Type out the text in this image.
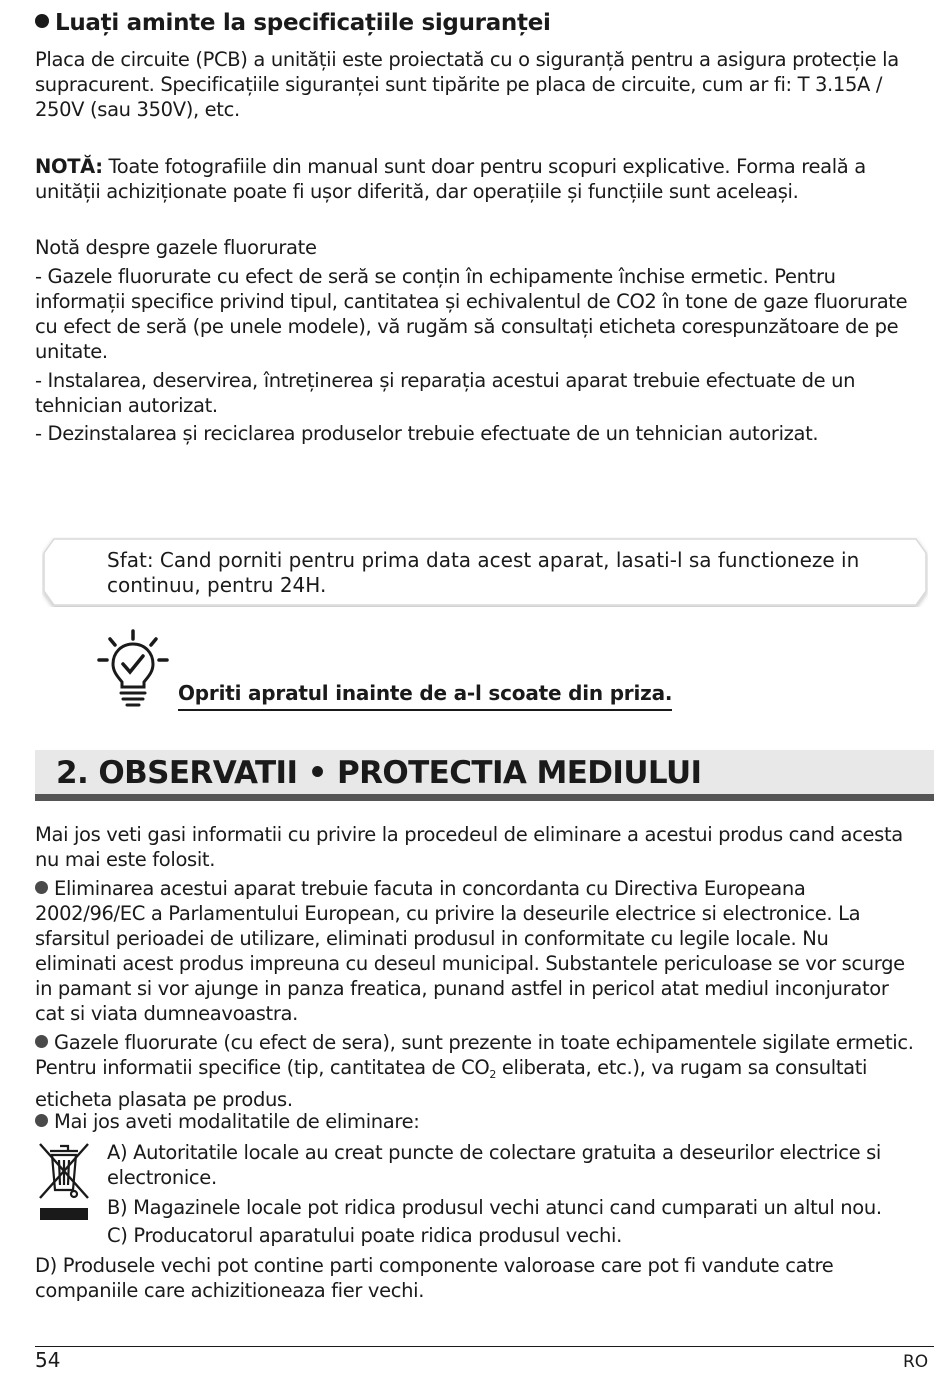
Luați aminte la specificațiile siguranței
Placa de circuite (PCB) a unității este proiectată cu o siguranță pentru a asigura protecție la supracurent. Specificațiile siguranței sunt tipărite pe placa de circuite, cum ar fi: T 3.15A / 250V (sau 350V), etc.
NOTĂ: Toate fotografiile din manual sunt doar pentru scopuri explicative. Forma reală a unității achiziționate poate fi ușor diferită, dar operațiile și funcțiile sunt aceleași.
Notă despre gazele fluorurate
- Gazele fluorurate cu efect de seră se conțin în echipamente închise ermetic. Pentru informații specifice privind tipul, cantitatea și echivalentul de CO2 în tone de gaze fluorurate cu efect de seră (pe unele modele), vă rugăm să consultați eticheta corespunzătoare de pe unitate.
- Instalarea, deservirea, întreținerea și reparația acestui aparat trebuie efectuate de un tehnician autorizat.
- Dezinstalarea și reciclarea produselor trebuie efectuate de un tehnician autorizat.
Sfat: Cand porniti pentru prima data acest aparat, lasati-l sa functioneze in continuu, pentru 24H.
Opriti apratul inainte de a-l scoate din priza.
2. OBSERVATII • PROTECTIA MEDIULUI
Mai jos veti gasi informatii cu privire la procedeul de eliminare a acestui produs cand acesta nu mai este folosit.
Eliminarea acestui aparat trebuie facuta in concordanta cu Directiva Europeana 2002/96/EC a Parlamentului European, cu privire la deseurile electrice si electronice. La sfarsitul perioadei de utilizare, eliminati produsul in conformitate cu legile locale. Nu eliminati acest produs impreuna cu deseul municipal. Substantele periculoase se vor scurge in pamant si vor ajunge in panza freatica, punand astfel in pericol atat mediul inconjurator cat si viata dumneavoastra.
Gazele fluorurate (cu efect de sera), sunt prezente in toate echipamentele sigilate ermetic. Pentru informatii specifice (tip, cantitatea de $CO_2$ eliberata, etc.), va rugam sa consultati eticheta plasata pe produs.
Mai jos aveti modalitatile de eliminare:
A) Autoritatile locale au creat puncte de colectare gratuita a deseurilor electrice si electronice.
B) Magazinele locale pot ridica produsul vechi atunci cand cumparati un altul nou.
C) Producatorul aparatului poate ridica produsul vechi.
D) Produsele vechi pot contine parti componente valoroase care pot fi vandute catre companiile care achizitioneaza fier vechi.
54	RO
